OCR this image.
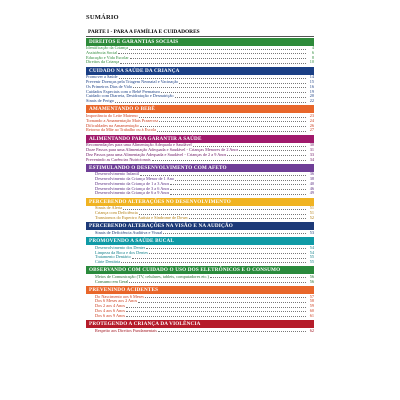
SUMÁRIO
PARTE I - PARA A FAMÍLIA E CUIDADORES
DIREITOS E GARANTIAS SOCIAIS
Identificação da Criança	4
Assistência Social	6
Educação e Vida Escolar	8
Direitos da Criança	10
CUIDADO NA SAÚDE DA CRIANÇA
Promover a Saúde	14
Prevenir Doenças pela Triagem Neonatal e Vacinação	15
Os Primeiros Dias de Vida	16
Cuidados Especiais com o Bebê Prematuro	19
Cuidado com Diarreia, Desidratação e Desnutrição	20
Sinais de Perigo	22
AMAMENTANDO O BEBÊ
Importância do Leite Materno	23
Tornando a Amamentação Mais Prazerosa	24
Dificuldades na Amamentação	26
Retorno da Mãe ao Trabalho ou à Escola	27
ALIMENTANDO PARA GARANTIR A SAÚDE
Recomendações para uma Alimentação Adequada e Saudável	30
Doze Passos para uma Alimentação Adequada e Saudável - Crianças Menores de 2 Anos	31
Dez Passos para uma Alimentação Adequada e Saudável - Crianças de 2 a 9 Anos	33
Prevenindo as Carências Nutricionais	34
ESTIMULANDO O DESENVOLVIMENTO COM AFETO
Desenvolvimento Infantil	36
Desenvolvimento da Criança Menor de 1 Ano	38
Desenvolvimento da Criança de 1 a 3 Anos	40
Desenvolvimento da Criança de 3 a 6 Anos	46
Desenvolvimento da Criança de 6 a 9 Anos	49
PERCEBENDO ALTERAÇÕES NO DESENVOLVIMENTO
Sinais de Alerta	51
Criança com Deficiência	51
Transtornos do Espectro Autista e Síndrome de Down	52
PERCEBENDO ALTERAÇÕES NA VISÃO E NA AUDIÇÃO
Sinais de Deficiência Auditiva e Visual	53
PROMOVENDO A SAÚDE BUCAL
Desenvolvimento dos Dentes	54
Limpeza da Boca e dos Dentes	54
Tratamento Dentário	55
Cárie Dentária	55
OBSERVANDO COM CUIDADO O USO DOS ELETRÔNICOS E O CONSUMO
Meios de Comunicação (TV, celulares, tablets, computadores etc.)	56
Consumo em Geral	56
PREVENINDO ACIDENTES
Do Nascimento aos 6 Meses	57
Dos 6 Meses aos 2 Anos	58
Dos 2 aos 4 Anos	59
Dos 4 aos 6 Anos	60
Dos 6 aos 9 Anos	61
PROTEGENDO A CRIANÇA DA VIOLÊNCIA
Respeito aos Direitos Fundamentais	62
